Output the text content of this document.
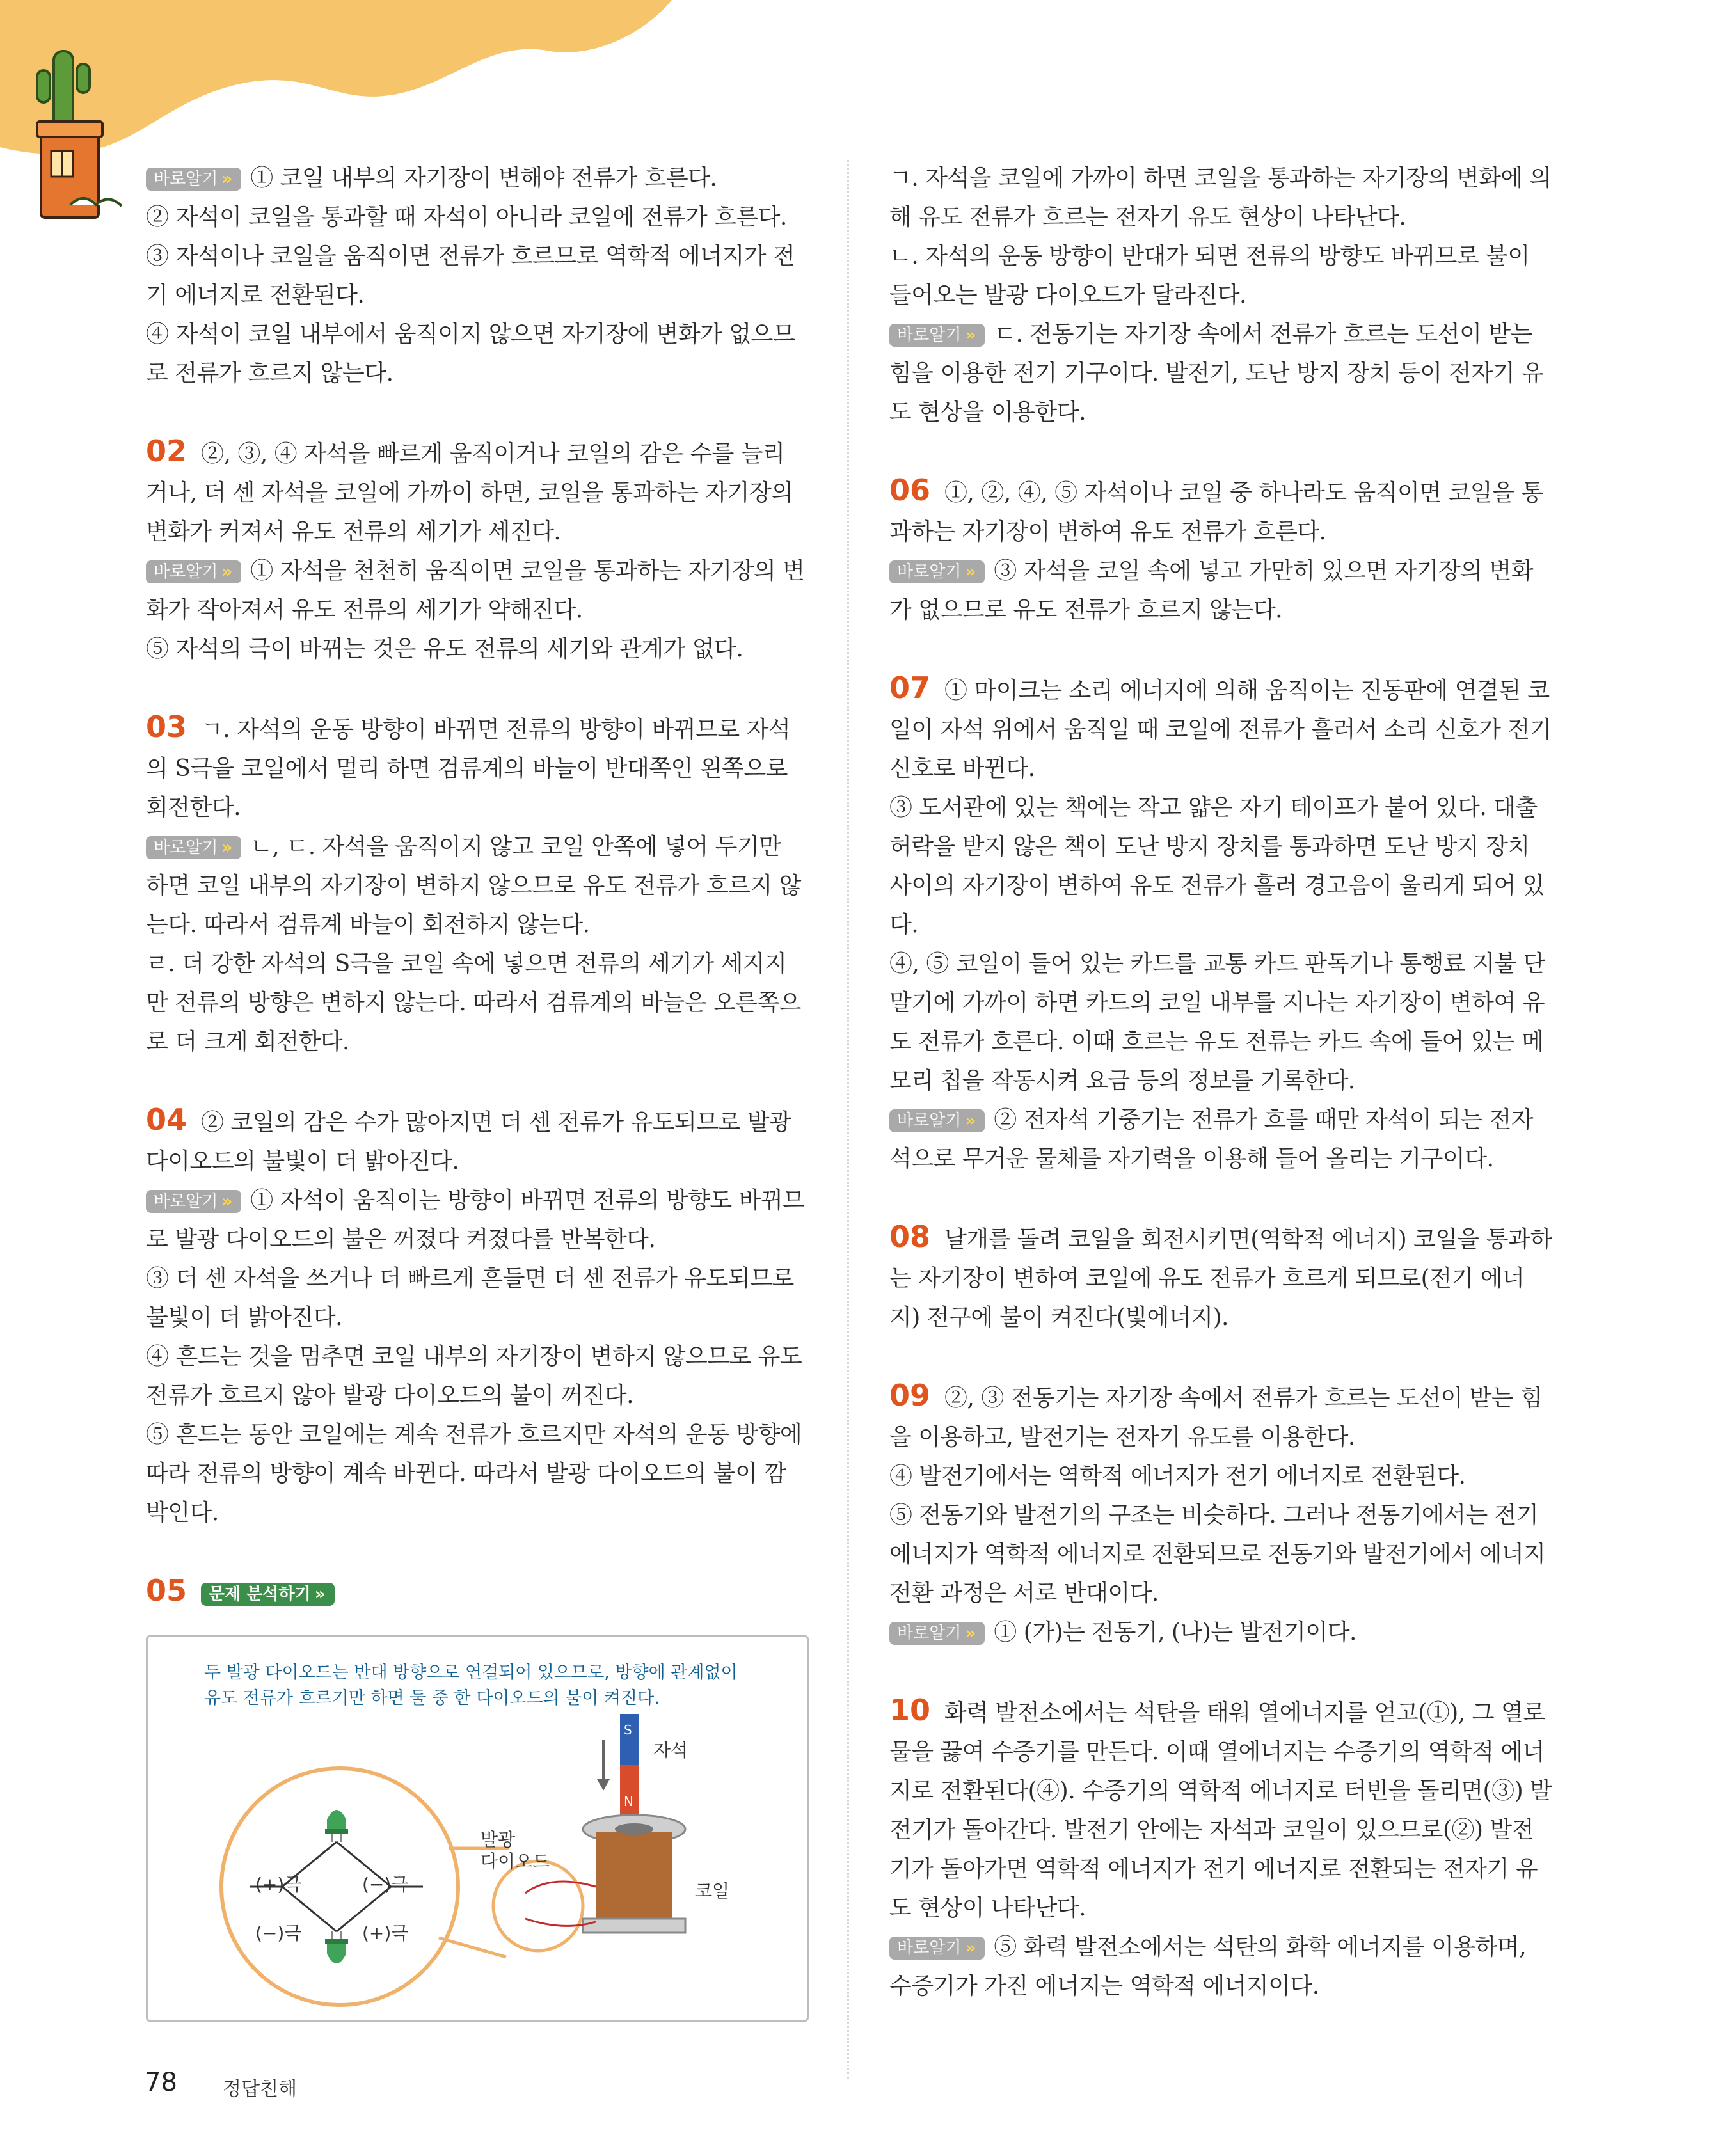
바로알기 » ① 코일 내부의 자기장이 변해야 전류가 흐른다.
② 자석이 코일을 통과할 때 자석이 아니라 코일에 전류가 흐른다.
③ 자석이나 코일을 움직이면 전류가 흐르므로 역학적 에너지가 전기 에너지로 전환된다.
④ 자석이 코일 내부에서 움직이지 않으면 자기장에 변화가 없으므로 전류가 흐르지 않는다.

02 ②, ③, ④ 자석을 빠르게 움직이거나 코일의 감은 수를 늘리거나, 더 센 자석을 코일에 가까이 하면, 코일을 통과하는 자기장의 변화가 커져서 유도 전류의 세기가 세진다.
바로알기 » ① 자석을 천천히 움직이면 코일을 통과하는 자기장의 변화가 작아져서 유도 전류의 세기가 약해진다.
⑤ 자석의 극이 바뀌는 것은 유도 전류의 세기와 관계가 없다.

03 ㄱ. 자석의 운동 방향이 바뀌면 전류의 방향이 바뀌므로 자석의 S극을 코일에서 멀리 하면 검류계의 바늘이 반대쪽인 왼쪽으로 회전한다.
바로알기 » ㄴ, ㄷ. 자석을 움직이지 않고 코일 안쪽에 넣어 두기만 하면 코일 내부의 자기장이 변하지 않으므로 유도 전류가 흐르지 않는다. 따라서 검류계 바늘이 회전하지 않는다.
ㄹ. 더 강한 자석의 S극을 코일 속에 넣으면 전류의 세기가 세지지만 전류의 방향은 변하지 않는다. 따라서 검류계의 바늘은 오른쪽으로 더 크게 회전한다.

04 ② 코일의 감은 수가 많아지면 더 센 전류가 유도되므로 발광 다이오드의 불빛이 더 밝아진다.
바로알기 » ① 자석이 움직이는 방향이 바뀌면 전류의 방향도 바뀌므로 발광 다이오드의 불은 꺼졌다 켜졌다를 반복한다.
③ 더 센 자석을 쓰거나 더 빠르게 흔들면 더 센 전류가 유도되므로 불빛이 더 밝아진다.
④ 흔드는 것을 멈추면 코일 내부의 자기장이 변하지 않으므로 유도 전류가 흐르지 않아 발광 다이오드의 불이 꺼진다.
⑤ 흔드는 동안 코일에는 계속 전류가 흐르지만 자석의 운동 방향에 따라 전류의 방향이 계속 바뀐다. 따라서 발광 다이오드의 불이 깜박인다.

05 문제 분석하기 »

두 발광 다이오드는 반대 방향으로 연결되어 있으므로, 방향에 관계없이
유도 전류가 흐르기만 하면 둘 중 한 다이오드의 불이 켜진다.
(+)극	(−)극
(−)극	(+)극
발광
다이오드
자석
코일
S
N

ㄱ. 자석을 코일에 가까이 하면 코일을 통과하는 자기장의 변화에 의해 유도 전류가 흐르는 전자기 유도 현상이 나타난다.
ㄴ. 자석의 운동 방향이 반대가 되면 전류의 방향도 바뀌므로 불이 들어오는 발광 다이오드가 달라진다.
바로알기 » ㄷ. 전동기는 자기장 속에서 전류가 흐르는 도선이 받는 힘을 이용한 전기 기구이다. 발전기, 도난 방지 장치 등이 전자기 유도 현상을 이용한다.

06 ①, ②, ④, ⑤ 자석이나 코일 중 하나라도 움직이면 코일을 통과하는 자기장이 변하여 유도 전류가 흐른다.
바로알기 » ③ 자석을 코일 속에 넣고 가만히 있으면 자기장의 변화가 없으므로 유도 전류가 흐르지 않는다.

07 ① 마이크는 소리 에너지에 의해 움직이는 진동판에 연결된 코일이 자석 위에서 움직일 때 코일에 전류가 흘러서 소리 신호가 전기 신호로 바뀐다.
③ 도서관에 있는 책에는 작고 얇은 자기 테이프가 붙어 있다. 대출 허락을 받지 않은 책이 도난 방지 장치를 통과하면 도난 방지 장치 사이의 자기장이 변하여 유도 전류가 흘러 경고음이 울리게 되어 있다.
④, ⑤ 코일이 들어 있는 카드를 교통 카드 판독기나 통행료 지불 단말기에 가까이 하면 카드의 코일 내부를 지나는 자기장이 변하여 유도 전류가 흐른다. 이때 흐르는 유도 전류는 카드 속에 들어 있는 메모리 칩을 작동시켜 요금 등의 정보를 기록한다.
바로알기 » ② 전자석 기중기는 전류가 흐를 때만 자석이 되는 전자석으로 무거운 물체를 자기력을 이용해 들어 올리는 기구이다.

08 날개를 돌려 코일을 회전시키면(역학적 에너지) 코일을 통과하는 자기장이 변하여 코일에 유도 전류가 흐르게 되므로(전기 에너지) 전구에 불이 켜진다(빛에너지).

09 ②, ③ 전동기는 자기장 속에서 전류가 흐르는 도선이 받는 힘을 이용하고, 발전기는 전자기 유도를 이용한다.
④ 발전기에서는 역학적 에너지가 전기 에너지로 전환된다.
⑤ 전동기와 발전기의 구조는 비슷하다. 그러나 전동기에서는 전기 에너지가 역학적 에너지로 전환되므로 전동기와 발전기에서 에너지 전환 과정은 서로 반대이다.
바로알기 » ① (가)는 전동기, (나)는 발전기이다.

10 화력 발전소에서는 석탄을 태워 열에너지를 얻고(①), 그 열로 물을 끓여 수증기를 만든다. 이때 열에너지는 수증기의 역학적 에너지로 전환된다(④). 수증기의 역학적 에너지로 터빈을 돌리면(③) 발전기가 돌아간다. 발전기 안에는 자석과 코일이 있으므로(②) 발전기가 돌아가면 역학적 에너지가 전기 에너지로 전환되는 전자기 유도 현상이 나타난다.
바로알기 » ⑤ 화력 발전소에서는 석탄의 화학 에너지를 이용하며, 수증기가 가진 에너지는 역학적 에너지이다.

78 정답친해
